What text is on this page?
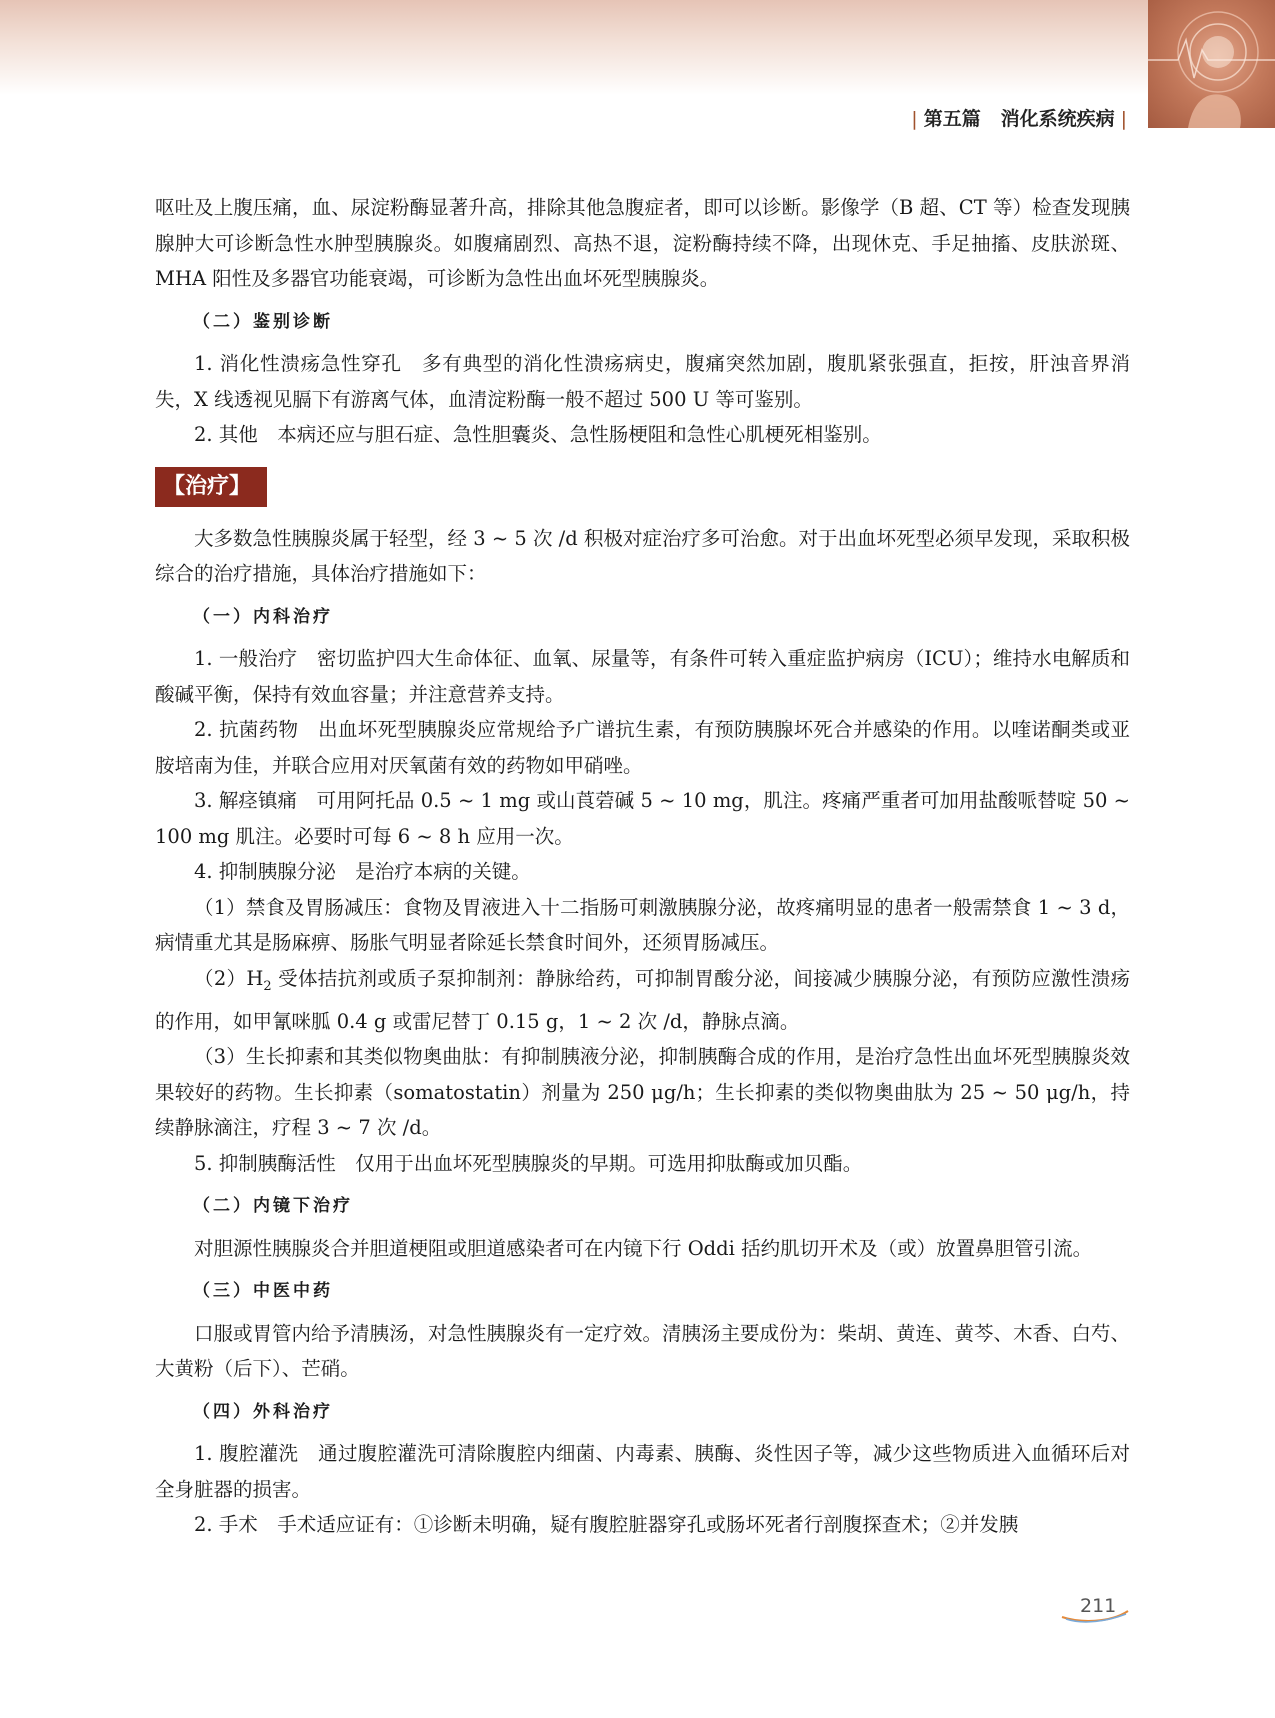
| 第五篇 消化系统疾病 |

呕吐及上腹压痛，血、尿淀粉酶显著升高，排除其他急腹症者，即可以诊断。影像学（B 超、CT 等）检查发现胰腺肿大可诊断急性水肿型胰腺炎。如腹痛剧烈、高热不退，淀粉酶持续不降，出现休克、手足抽搐、皮肤淤斑、MHA 阳性及多器官功能衰竭，可诊断为急性出血坏死型胰腺炎。

（二）鉴别诊断

1. 消化性溃疡急性穿孔　多有典型的消化性溃疡病史，腹痛突然加剧，腹肌紧张强直，拒按，肝浊音界消失，X 线透视见膈下有游离气体，血清淀粉酶一般不超过 500 U 等可鉴别。

2. 其他　本病还应与胆石症、急性胆囊炎、急性肠梗阻和急性心肌梗死相鉴别。

【治疗】

大多数急性胰腺炎属于轻型，经 3 ~ 5 次 /d 积极对症治疗多可治愈。对于出血坏死型必须早发现，采取积极综合的治疗措施，具体治疗措施如下：

（一）内科治疗

1. 一般治疗　密切监护四大生命体征、血氧、尿量等，有条件可转入重症监护病房（ICU）；维持水电解质和酸碱平衡，保持有效血容量；并注意营养支持。

2. 抗菌药物　出血坏死型胰腺炎应常规给予广谱抗生素，有预防胰腺坏死合并感染的作用。以喹诺酮类或亚胺培南为佳，并联合应用对厌氧菌有效的药物如甲硝唑。

3. 解痉镇痛　可用阿托品 0.5 ~ 1 mg 或山莨菪碱 5 ~ 10 mg，肌注。疼痛严重者可加用盐酸哌替啶 50 ~ 100 mg 肌注。必要时可每 6 ~ 8 h 应用一次。

4. 抑制胰腺分泌　是治疗本病的关键。

（1）禁食及胃肠减压：食物及胃液进入十二指肠可刺激胰腺分泌，故疼痛明显的患者一般需禁食 1 ~ 3 d，病情重尤其是肠麻痹、肠胀气明显者除延长禁食时间外，还须胃肠减压。

$(2)H_2$ 受体拮抗剂或质子泵抑制剂：静脉给药，可抑制胃酸分泌，间接减少胰腺分泌，有预防应激性溃疡的作用，如甲氰咪胍 0.4 g 或雷尼替丁 0.15 g，1 ~ 2 次 /d，静脉点滴。

（3）生长抑素和其类似物奥曲肽：有抑制胰液分泌，抑制胰酶合成的作用，是治疗急性出血坏死型胰腺炎效果较好的药物。生长抑素（somatostatin）剂量为 250 μg/h；生长抑素的类似物奥曲肽为 25 ~ 50 μg/h，持续静脉滴注，疗程 3 ~ 7 次 /d。

5. 抑制胰酶活性　仅用于出血坏死型胰腺炎的早期。可选用抑肽酶或加贝酯。

（二）内镜下治疗

对胆源性胰腺炎合并胆道梗阻或胆道感染者可在内镜下行 Oddi 括约肌切开术及（或）放置鼻胆管引流。

（三）中医中药

口服或胃管内给予清胰汤，对急性胰腺炎有一定疗效。清胰汤主要成份为：柴胡、黄连、黄芩、木香、白芍、大黄粉（后下）、芒硝。

（四）外科治疗

1. 腹腔灌洗　通过腹腔灌洗可清除腹腔内细菌、内毒素、胰酶、炎性因子等，减少这些物质进入血循环后对全身脏器的损害。

2. 手术　手术适应证有：①诊断未明确，疑有腹腔脏器穿孔或肠坏死者行剖腹探查术；②并发胰

211
